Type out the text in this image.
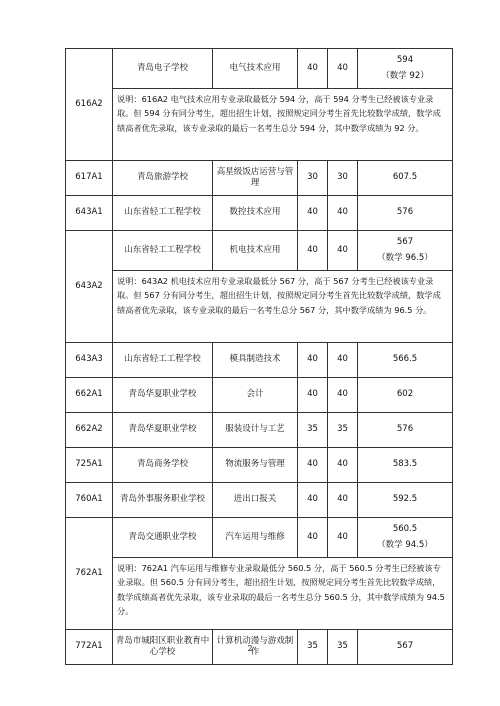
616A2	青岛电子学校	电气技术应用	40	40	594
（数学 92）

	说明：616A2 电气技术应用专业录取最低分 594 分，高于 594 分考生已经被该专业录取。但 594 分有同分考生，超出招生计划，按照规定同分考生首先比较数学成绩，数学成绩高者优先录取，该专业录取的最后一名考生总分 594 分，其中数学成绩为 92 分。				
617A1	青岛旅游学校	高星级饭店运营与管理	30	30	607.5
643A1	山东省轻工工程学校	数控技术应用	40	40	576
643A2	山东省轻工工程学校	机电技术应用	40	40	567
（数学 96.5）

	说明：643A2 机电技术应用专业录取最低分 567 分，高于 567 分考生已经被该专业录取。但 567 分有同分考生，超出招生计划，按照规定同分考生首先比较数学成绩，数学成绩高者优先录取，该专业录取的最后一名考生总分 567 分，其中数学成绩为 96.5 分。				
643A3	山东省轻工工程学校	模具制造技术	40	40	566.5
662A1	青岛华夏职业学校	会计	40	40	602
662A2	青岛华夏职业学校	服装设计与工艺	35	35	576
725A1	青岛商务学校	物流服务与管理	40	40	583.5
760A1	青岛外事服务职业学校	进出口报关	40	40	592.5
762A1	青岛交通职业学校	汽车运用与维修	40	40	560.5
（数学 94.5）

	说明：762A1 汽车运用与维修专业录取最低分 560.5 分，高于 560.5 分考生已经被该专业录取。但 560.5 分有同分考生，超出招生计划，按照规定同分考生首先比较数学成绩，数学成绩高者优先录取，该专业录取的最后一名考生总分 560.5 分，其中数学成绩为 94.5 分。				
772A1	青岛市城阳区职业教育中心学校	计算机动漫与游戏制作	35	35	567
2
